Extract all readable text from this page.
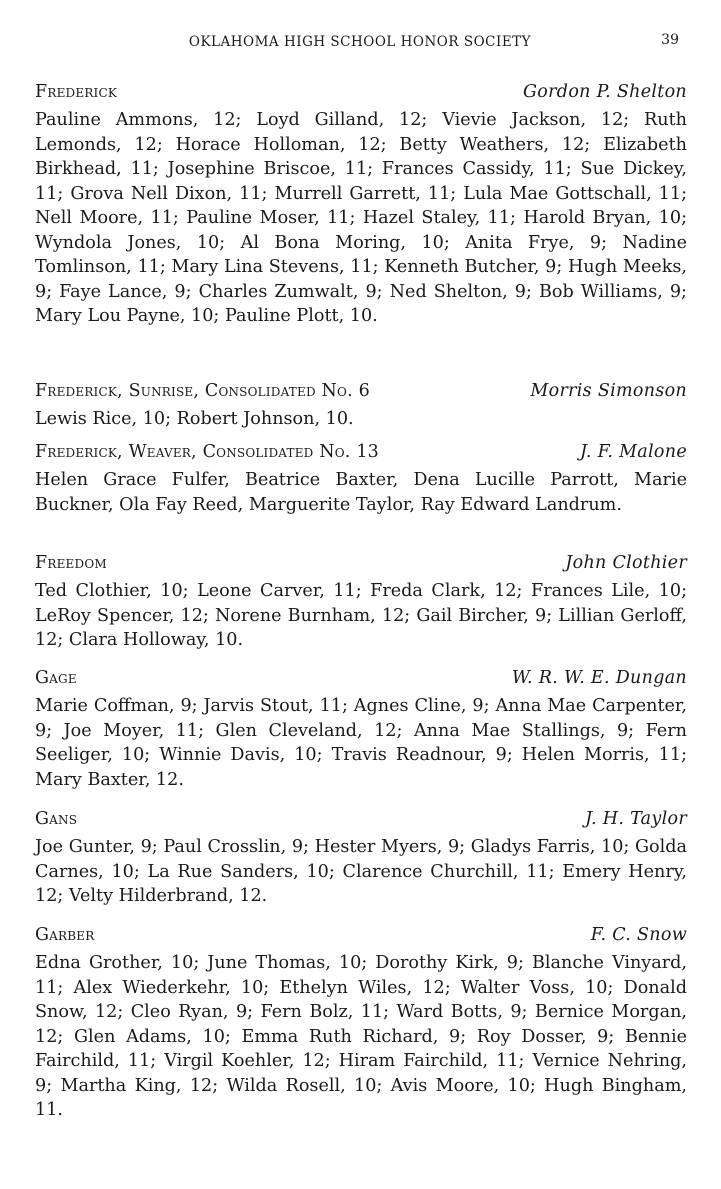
OKLAHOMA HIGH SCHOOL HONOR SOCIETY	39
Frederick	Gordon P. Shelton

Pauline Ammons, 12; Loyd Gilland, 12; Vievie Jackson, 12; Ruth Lemonds, 12; Horace Holloman, 12; Betty Weathers, 12; Elizabeth Birkhead, 11; Josephine Briscoe, 11; Frances Cassidy, 11; Sue Dickey, 11; Grova Nell Dixon, 11; Murrell Garrett, 11; Lula Mae Gottschall, 11; Nell Moore, 11; Pauline Moser, 11; Hazel Staley, 11; Harold Bryan, 10; Wyndola Jones, 10; Al Bona Moring, 10; Anita Frye, 9; Nadine Tomlinson, 11; Mary Lina Stevens, 11; Kenneth Butcher, 9; Hugh Meeks, 9; Faye Lance, 9; Charles Zumwalt, 9; Ned Shelton, 9; Bob Williams, 9; Mary Lou Payne, 10; Pauline Plott, 10.

Frederick, Sunrise, Consolidated No. 6	Morris Simonson

Lewis Rice, 10; Robert Johnson, 10.

Frederick, Weaver, Consolidated No. 13	J. F. Malone

Helen Grace Fulfer, Beatrice Baxter, Dena Lucille Parrott, Marie Buckner, Ola Fay Reed, Marguerite Taylor, Ray Edward Landrum.

Freedom	John Clothier

Ted Clothier, 10; Leone Carver, 11; Freda Clark, 12; Frances Lile, 10; LeRoy Spencer, 12; Norene Burnham, 12; Gail Bircher, 9; Lillian Gerloff, 12; Clara Holloway, 10.

Gage	W. R. W. E. Dungan

Marie Coffman, 9; Jarvis Stout, 11; Agnes Cline, 9; Anna Mae Carpenter, 9; Joe Moyer, 11; Glen Cleveland, 12; Anna Mae Stallings, 9; Fern Seeliger, 10; Winnie Davis, 10; Travis Readnour, 9; Helen Morris, 11; Mary Baxter, 12.

Gans	J. H. Taylor

Joe Gunter, 9; Paul Crosslin, 9; Hester Myers, 9; Gladys Farris, 10; Golda Carnes, 10; La Rue Sanders, 10; Clarence Churchill, 11; Emery Henry, 12; Velty Hilderbrand, 12.

Garber	F. C. Snow

Edna Grother, 10; June Thomas, 10; Dorothy Kirk, 9; Blanche Vinyard, 11; Alex Wiederkehr, 10; Ethelyn Wiles, 12; Walter Voss, 10; Donald Snow, 12; Cleo Ryan, 9; Fern Bolz, 11; Ward Botts, 9; Bernice Morgan, 12; Glen Adams, 10; Emma Ruth Richard, 9; Roy Dosser, 9; Bennie Fairchild, 11; Virgil Koehler, 12; Hiram Fairchild, 11; Vernice Nehring, 9; Martha King, 12; Wilda Rosell, 10; Avis Moore, 10; Hugh Bingham, 11.
